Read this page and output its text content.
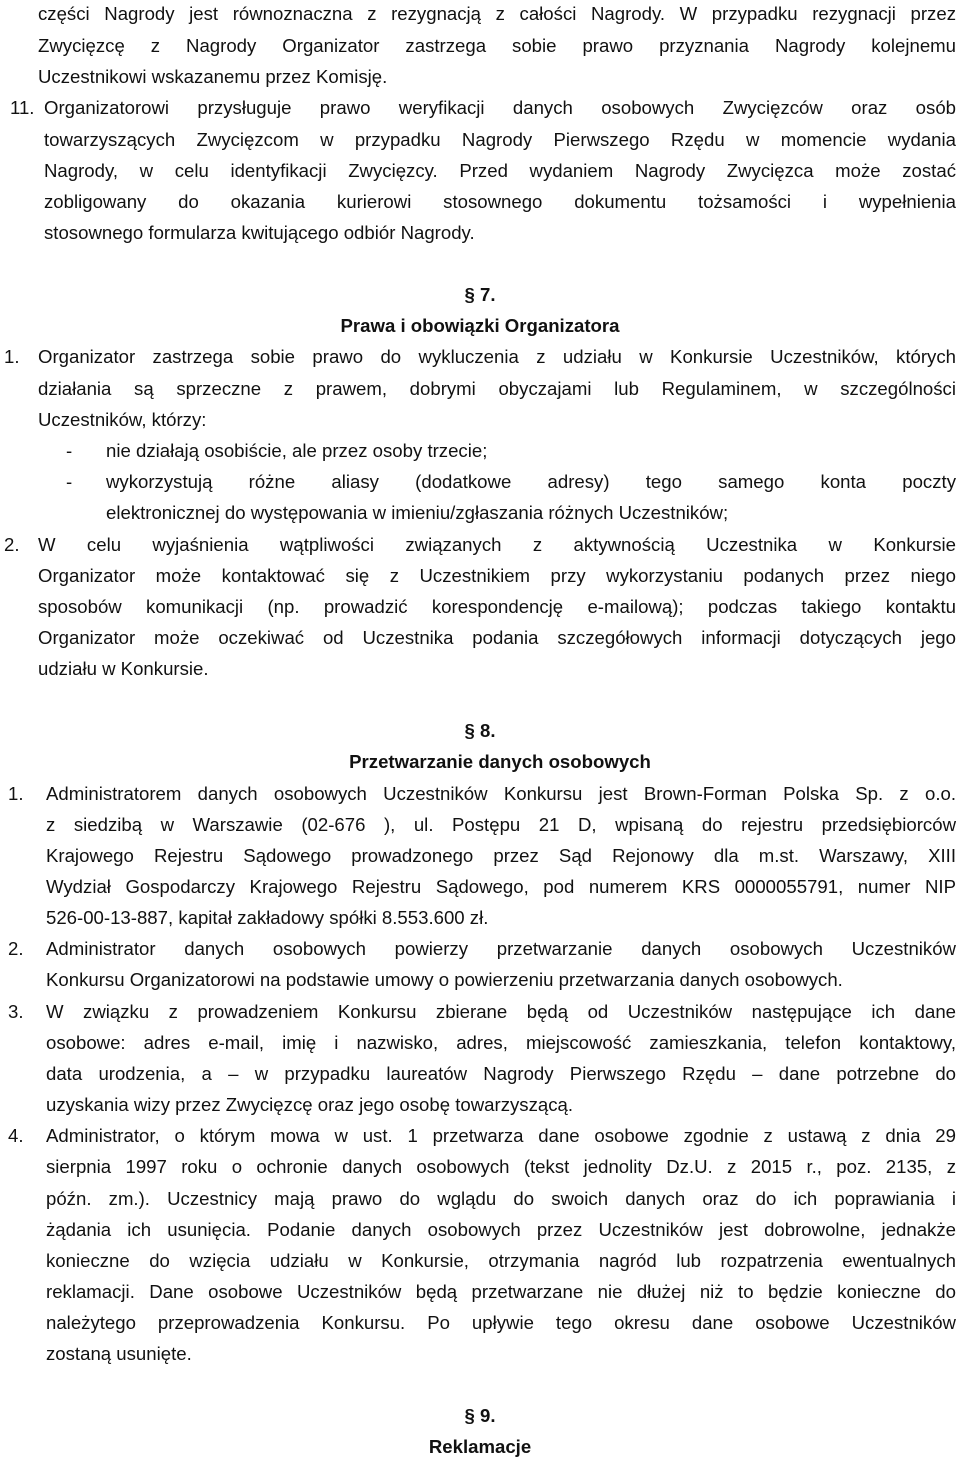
części Nagrody jest równoznaczna z rezygnacją z całości Nagrody. W przypadku rezygnacji przez
Zwycięzcę z Nagrody Organizator zastrzega sobie prawo przyznania Nagrody kolejnemu
Uczestnikowi wskazanemu przez Komisję.
11. Organizatorowi przysługuje prawo weryfikacji danych osobowych Zwycięzców oraz osób
towarzyszących Zwycięzcom w przypadku Nagrody Pierwszego Rzędu w momencie wydania
Nagrody, w celu identyfikacji Zwycięzcy. Przed wydaniem Nagrody Zwycięzca może zostać
zobligowany do okazania kurierowi stosownego dokumentu tożsamości i wypełnienia
stosownego formularza kwitującego odbiór Nagrody.
§ 7.
Prawa i obowiązki Organizatora
1. Organizator zastrzega sobie prawo do wykluczenia z udziału w Konkursie Uczestników, których
działania są sprzeczne z prawem, dobrymi obyczajami lub Regulaminem, w szczególności
Uczestników, którzy:
- nie działają osobiście, ale przez osoby trzecie;
- wykorzystują różne aliasy (dodatkowe adresy) tego samego konta poczty
elektronicznej do występowania w imieniu/zgłaszania różnych Uczestników;
2. W celu wyjaśnienia wątpliwości związanych z aktywnością Uczestnika w Konkursie
Organizator może kontaktować się z Uczestnikiem przy wykorzystaniu podanych przez niego
sposobów komunikacji (np. prowadzić korespondencję e-mailową); podczas takiego kontaktu
Organizator może oczekiwać od Uczestnika podania szczegółowych informacji dotyczących jego
udziału w Konkursie.
§ 8.
Przetwarzanie danych osobowych
1. Administratorem danych osobowych Uczestników Konkursu jest Brown-Forman Polska Sp. z o.o.
z siedzibą w Warszawie (02-676 ), ul. Postępu 21 D, wpisaną do rejestru przedsiębiorców
Krajowego Rejestru Sądowego prowadzonego przez Sąd Rejonowy dla m.st. Warszawy, XIII
Wydział Gospodarczy Krajowego Rejestru Sądowego, pod numerem KRS 0000055791, numer NIP
526-00-13-887, kapitał zakładowy spółki 8.553.600 zł.
2. Administrator danych osobowych powierzy przetwarzanie danych osobowych Uczestników
Konkursu Organizatorowi na podstawie umowy o powierzeniu przetwarzania danych osobowych.
3. W związku z prowadzeniem Konkursu zbierane będą od Uczestników następujące ich dane
osobowe: adres e-mail, imię i nazwisko, adres, miejscowość zamieszkania, telefon kontaktowy,
data urodzenia, a – w przypadku laureatów Nagrody Pierwszego Rzędu – dane potrzebne do
uzyskania wizy przez Zwycięzcę oraz jego osobę towarzyszącą.
4. Administrator, o którym mowa w ust. 1 przetwarza dane osobowe zgodnie z ustawą z dnia 29
sierpnia 1997 roku o ochronie danych osobowych (tekst jednolity Dz.U. z 2015 r., poz. 2135, z
późn. zm.). Uczestnicy mają prawo do wglądu do swoich danych oraz do ich poprawiania i
żądania ich usunięcia. Podanie danych osobowych przez Uczestników jest dobrowolne, jednakże
konieczne do wzięcia udziału w Konkursie, otrzymania nagród lub rozpatrzenia ewentualnych
reklamacji. Dane osobowe Uczestników będą przetwarzane nie dłużej niż to będzie konieczne do
należytego przeprowadzenia Konkursu. Po upływie tego okresu dane osobowe Uczestników
zostaną usunięte.
§ 9.
Reklamacje
